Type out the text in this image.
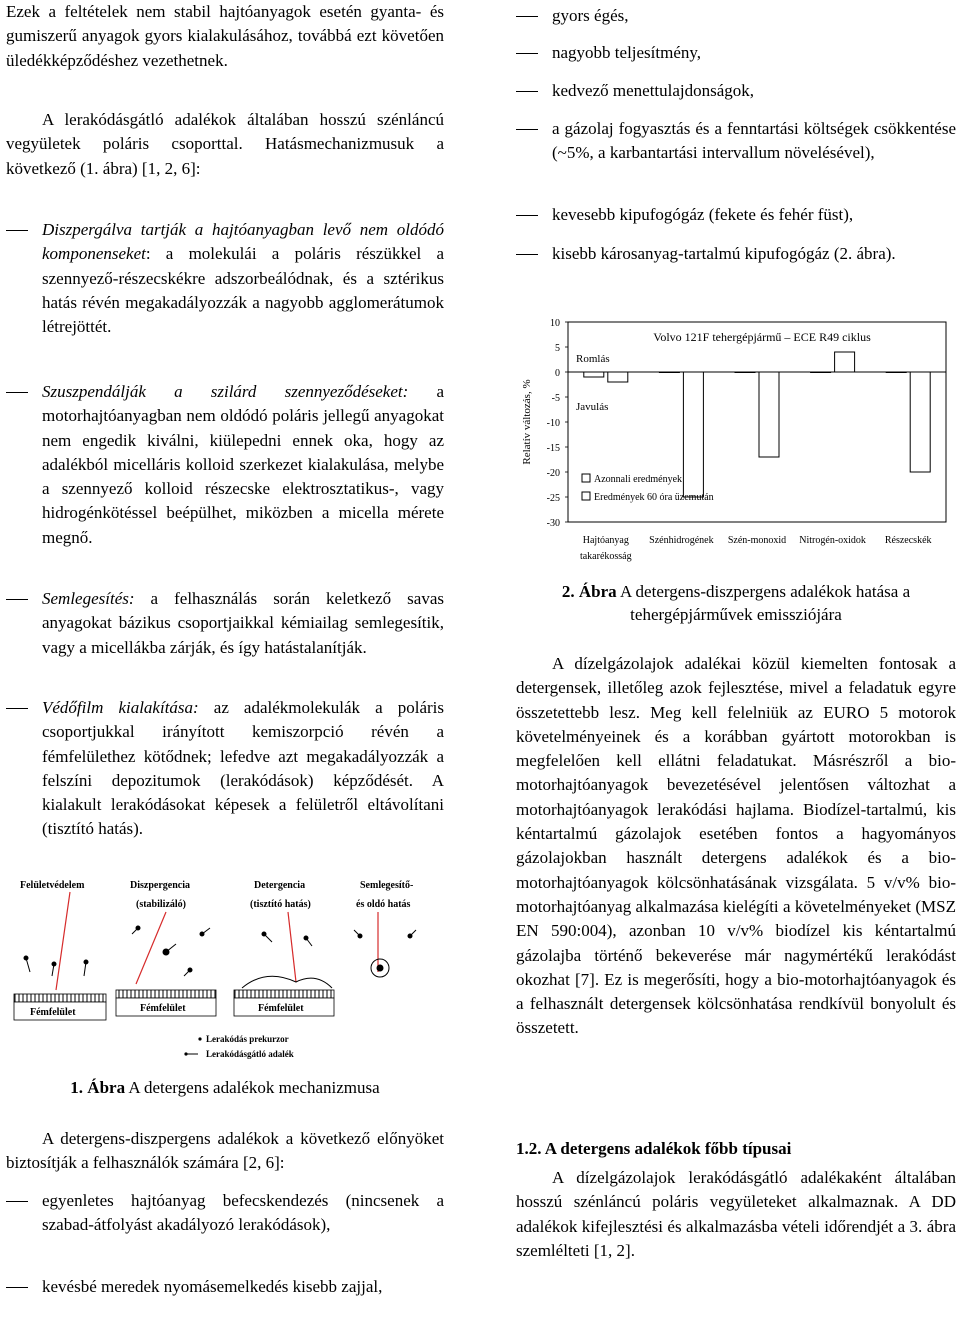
Ezek a feltételek nem stabil hajtóanyagok esetén gyanta- és gumiszerű anyagok gyors kialakulásához, továbbá ezt követően üledékképződéshez vezethetnek.

A lerakódásgátló adalékok általában hosszú szénláncú vegyületek poláris csoporttal. Hatásmechanizmusuk a következő (1. ábra) [1, 2, 6]:

Diszpergálva tartják a hajtóanyagban levő nem oldódó komponenseket: a molekulái a poláris részükkel a szennyező-részecskékre adszorbeálódnak, és a sztérikus hatás révén megakadályozzák a nagyobb agglomerátumok létrejöttét.
Szuszpendálják a szilárd szennyeződéseket: a motorhajtóanyagban nem oldódó poláris jellegű anyagokat nem engedik kiválni, kiülepedni ennek oka, hogy az adalékból micelláris kolloid szerkezet kialakulása, melybe a szennyező kolloid részecske elektrosztatikus-, vagy hidrogénkötéssel beépülhet, miközben a micella mérete megnő.
Semlegesítés: a felhasználás során keletkező savas anyagokat bázikus csoportjaikkal kémiailag semlegesítik, vagy a micellákba zárják, és így hatástalanítják.
Védőfilm kialakítása: az adalékmolekulák a poláris csoportjukkal irányított kemiszorpció révén a fémfelülethez kötődnek; lefedve azt megakadályozzák a felszíni depozitumok (lerakódások) képződését. A kialakult lerakódásokat képesek a felületről eltávolítani (tisztító hatás).
Felületvédelem	Diszpergencia
(stabilizáló)
Detergencia
(tisztító hatás)
Semlegesítő-
és oldó hatás
Fémfelület	Fémfelület	Fémfelület
Lerakódás prekurzor
Lerakódásgátló adalék
1. Ábra A detergens adalékok mechanizmusa

A detergens-diszpergens adalékok a következő előnyöket biztosítják a felhasználók számára [2, 6]:

egyenletes hajtóanyag befecskendezés (nincsenek a szabad-átfolyást akadályozó lerakódások),
kevésbé meredek nyomásemelkedés kisebb zajjal,
gyors égés,
nagyobb teljesítmény,
kedvező menettulajdonságok,
a gázolaj fogyasztás és a fenntartási költségek csökkentése (~5%, a karbantartási intervallum növelésével),
kevesebb kipufogógáz (fekete és fehér füst),
kisebb károsanyag-tartalmú kipufogógáz (2. ábra).
10
5
0
-5
-10
-15
-20
-25
-30
Relatív változás, %
Volvo 121F tehergépjármű – ECE R49 ciklus
Azonnali eredmények
Eredmények 60 óra üzemután
Romlás
Javulás
Hajtóanyag
takarékosság
Szénhidrogének Szén-monoxid Nitrogén-oxidok Részecskék
2. Ábra A detergens-diszpergens adalékok hatása a tehergépjárművek emissziójára

A dízelgázolajok adalékai közül kiemelten fontosak a detergensek, illetőleg azok fejlesztése, mivel a feladatuk egyre összetettebb lesz. Meg kell felelniük az EURO 5 motorok követelményeinek és a korábban gyártott motorokban is megfelelően kell ellátni feladatukat. Másrészről a bio-motorhajtóanyagok bevezetésével jelentősen változhat a motorhajtóanyagok lerakódási hajlama. Biodízel-tartalmú, kis kéntartalmú gázolajok esetében fontos a hagyományos gázolajokban használt detergens adalékok és a bio-motorhajtóanyagok kölcsönhatásának vizsgálata. 5 v/v% bio-motorhajtóanyag alkalmazása kielégíti a követelményeket (MSZ EN 590:004), azonban 10 v/v% biodízel kis kéntartalmú gázolajba történő bekeverése már nagymértékű lerakódást okozhat [7]. Ez is megerősíti, hogy a bio-motorhajtóanyagok és a felhasznált detergensek kölcsönhatása rendkívül bonyolult és összetett.

1.2. A detergens adalékok főbb típusai

A dízelgázolajok lerakódásgátló adalékaként általában hosszú szénláncú poláris vegyületeket alkalmaznak. A DD adalékok kifejlesztési és alkalmazásba vételi időrendjét a 3. ábra szemlélteti [1, 2].
